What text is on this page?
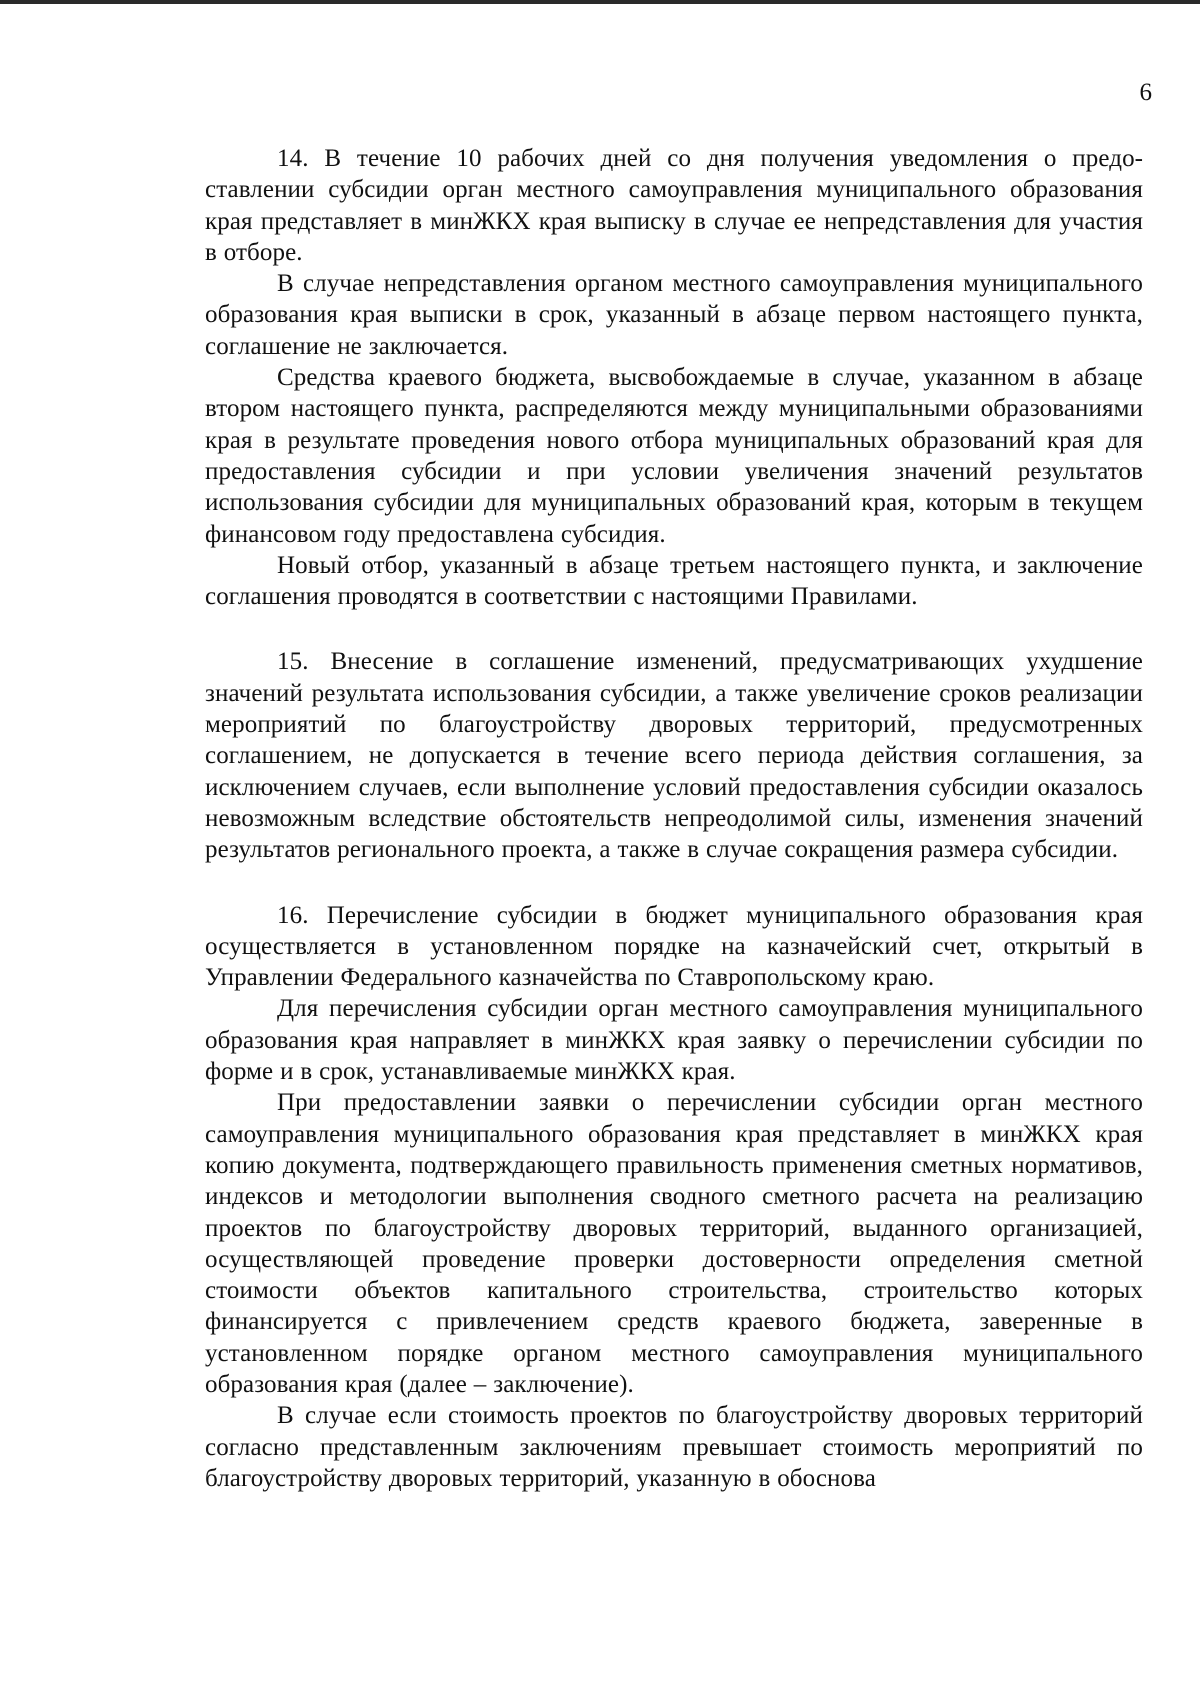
6

14. В течение 10 рабочих дней со дня получения уведомления о предоставлении субсидии орган местного самоуправления муниципального образования края представляет в минЖКХ края выписку в случае ее непредставления для участия в отборе.

В случае непредставления органом местного самоуправления муниципального образования края выписки в срок, указанный в абзаце первом настоящего пункта, соглашение не заключается.

Средства краевого бюджета, высвобождаемые в случае, указанном в абзаце втором настоящего пункта, распределяются между муниципальными образованиями края в результате проведения нового отбора муниципальных образований края для предоставления субсидии и при условии увеличения значений результатов использования субсидии для муниципальных образований края, которым в текущем финансовом году предоставлена субсидия.

Новый отбор, указанный в абзаце третьем настоящего пункта, и заключение соглашения проводятся в соответствии с настоящими Правилами.

15. Внесение в соглашение изменений, предусматривающих ухудшение значений результата использования субсидии, а также увеличение сроков реализации мероприятий по благоустройству дворовых территорий, предусмотренных соглашением, не допускается в течение всего периода действия соглашения, за исключением случаев, если выполнение условий предоставления субсидии оказалось невозможным вследствие обстоятельств непреодолимой силы, изменения значений результатов регионального проекта, а также в случае сокращения размера субсидии.

16. Перечисление субсидии в бюджет муниципального образования края осуществляется в установленном порядке на казначейский счет, открытый в Управлении Федерального казначейства по Ставропольскому краю.

Для перечисления субсидии орган местного самоуправления муниципального образования края направляет в минЖКХ края заявку о перечислении субсидии по форме и в срок, устанавливаемые минЖКХ края.

При предоставлении заявки о перечислении субсидии орган местного самоуправления муниципального образования края представляет в минЖКХ края копию документа, подтверждающего правильность применения сметных нормативов, индексов и методологии выполнения сводного сметного расчета на реализацию проектов по благоустройству дворовых территорий, выданного организацией, осуществляющей проведение проверки достоверности определения сметной стоимости объектов капитального строительства, строительство которых финансируется с привлечением средств краевого бюджета, заверенные в установленном порядке органом местного самоуправления муниципального образования края (далее – заключение).

В случае если стоимость проектов по благоустройству дворовых территорий согласно представленным заключениям превышает стоимость мероприятий по благоустройству дворовых территорий, указанную в обоснова
